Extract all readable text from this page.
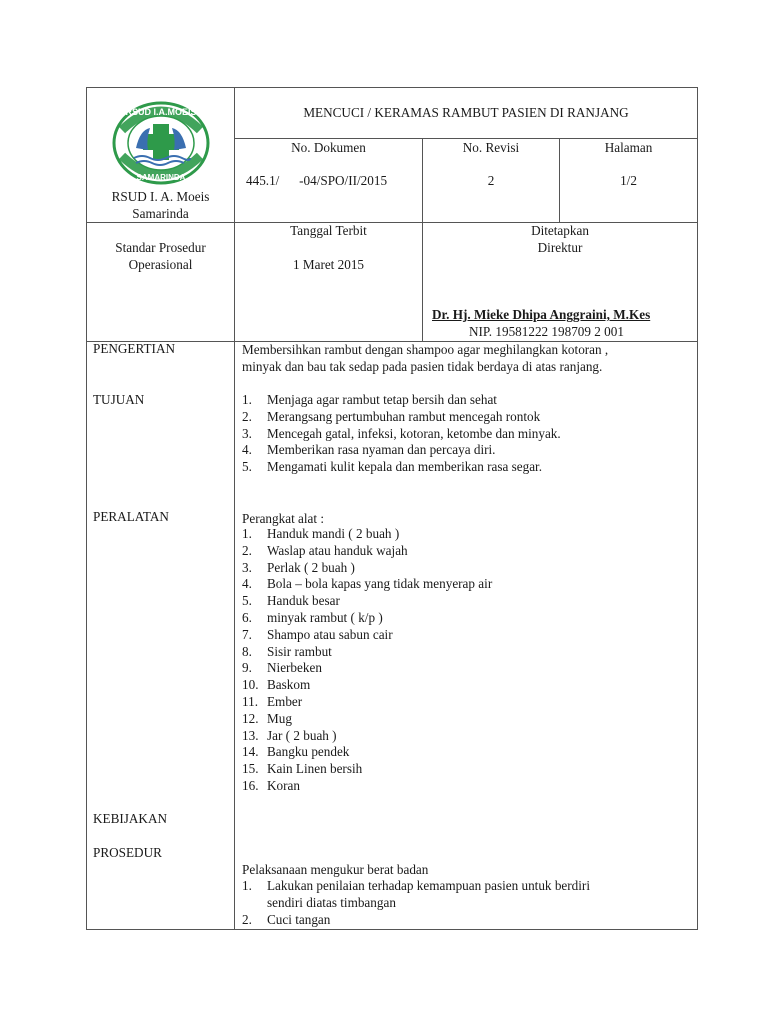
RSUD I.A.MOEIS
SAMARINDA
RSUD I. A. Moeis
Samarinda
MENCUCI / KERAMAS RAMBUT PASIEN DI RANJANG
No. Dokumen
445.1/      -04/SPO/II/2015
No. Revisi
2
Halaman
1/2
Standar Prosedur
Operasional
Tanggal Terbit
1 Maret 2015
Ditetapkan
Direktur
Dr. Hj. Mieke Dhipa Anggraini, M.Kes
NIP. 19581222 198709 2 001
PENGERTIAN
TUJUAN
PERALATAN
KEBIJAKAN
PROSEDUR
Membersihkan rambut dengan shampoo agar meghilangkan kotoran ,
minyak dan bau tak sedap pada pasien tidak berdaya di atas ranjang.
1. Menjaga agar rambut tetap bersih dan sehat
2. Merangsang pertumbuhan rambut mencegah rontok
3. Mencegah gatal, infeksi, kotoran, ketombe dan minyak.
4. Memberikan rasa nyaman dan percaya diri.
5. Mengamati kulit kepala dan memberikan rasa segar.
Perangkat alat :
1. Handuk mandi ( 2 buah )
2. Waslap atau handuk wajah
3. Perlak ( 2 buah )
4. Bola – bola kapas yang tidak menyerap air
5. Handuk besar
6. minyak rambut ( k/p )
7. Shampo atau sabun cair
8. Sisir rambut
9. Nierbeken
10. Baskom
11. Ember
12. Mug
13. Jar ( 2 buah )
14. Bangku pendek
15. Kain Linen bersih
16. Koran
Pelaksanaan mengukur berat badan
1. Lakukan penilaian terhadap kemampuan pasien untuk berdiri
sendiri diatas timbangan
2. Cuci tangan
